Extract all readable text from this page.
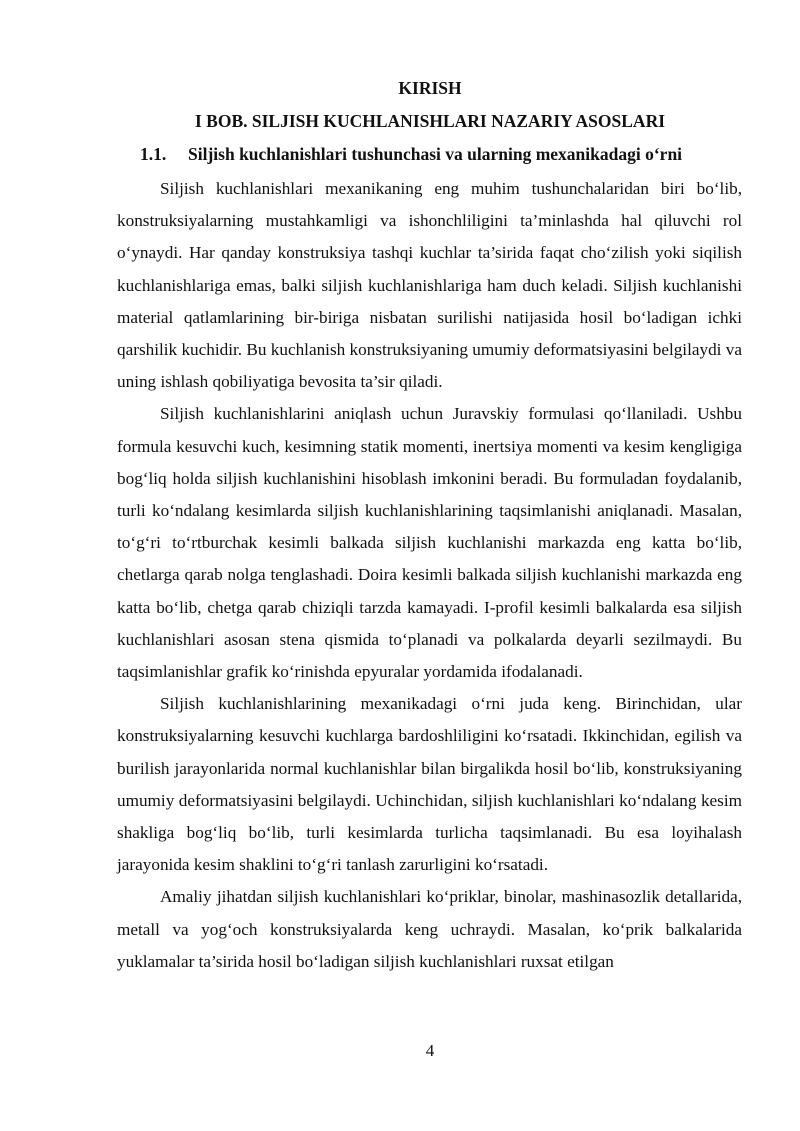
KIRISH
I BOB. SILJISH KUCHLANISHLARI NAZARIY ASOSLARI
1.1. Siljish kuchlanishlari tushunchasi va ularning mexanikadagi o‘rni

Siljish kuchlanishlari mexanikaning eng muhim tushunchalaridan biri bo‘lib, konstruksiyalarning mustahkamligi va ishonchliligini ta’minlashda hal qiluvchi rol o‘ynaydi. Har qanday konstruksiya tashqi kuchlar ta’sirida faqat cho‘zilish yoki siqilish kuchlanishlariga emas, balki siljish kuchlanishlariga ham duch keladi. Siljish kuchlanishi material qatlamlarining bir-biriga nisbatan surilishi natijasida hosil bo‘ladigan ichki qarshilik kuchidir. Bu kuchlanish konstruksiyaning umumiy deformatsiyasini belgilaydi va uning ishlash qobiliyatiga bevosita ta’sir qiladi.

Siljish kuchlanishlarini aniqlash uchun Juravskiy formulasi qo‘llaniladi. Ushbu formula kesuvchi kuch, kesimning statik momenti, inertsiya momenti va kesim kengligiga bog‘liq holda siljish kuchlanishini hisoblash imkonini beradi. Bu formuladan foydalanib, turli ko‘ndalang kesimlarda siljish kuchlanishlarining taqsimlanishi aniqlanadi. Masalan, to‘g‘ri to‘rtburchak kesimli balkada siljish kuchlanishi markazda eng katta bo‘lib, chetlarga qarab nolga tenglashadi. Doira kesimli balkada siljish kuchlanishi markazda eng katta bo‘lib, chetga qarab chiziqli tarzda kamayadi. I-profil kesimli balkalarda esa siljish kuchlanishlari asosan stena qismida to‘planadi va polkalarda deyarli sezilmaydi. Bu taqsimlanishlar grafik ko‘rinishda epyuralar yordamida ifodalanadi.

Siljish kuchlanishlarining mexanikadagi o‘rni juda keng. Birinchidan, ular konstruksiyalarning kesuvchi kuchlarga bardoshliligini ko‘rsatadi. Ikkinchidan, egilish va burilish jarayonlarida normal kuchlanishlar bilan birgalikda hosil bo‘lib, konstruksiyaning umumiy deformatsiyasini belgilaydi. Uchinchidan, siljish kuchlanishlari ko‘ndalang kesim shakliga bog‘liq bo‘lib, turli kesimlarda turlicha taqsimlanadi. Bu esa loyihalash jarayonida kesim shaklini to‘g‘ri tanlash zarurligini ko‘rsatadi.

Amaliy jihatdan siljish kuchlanishlari ko‘priklar, binolar, mashinasozlik detallarida, metall va yog‘och konstruksiyalarda keng uchraydi. Masalan, ko‘prik balkalarida yuklamalar ta’sirida hosil bo‘ladigan siljish kuchlanishlari ruxsat etilgan

4
